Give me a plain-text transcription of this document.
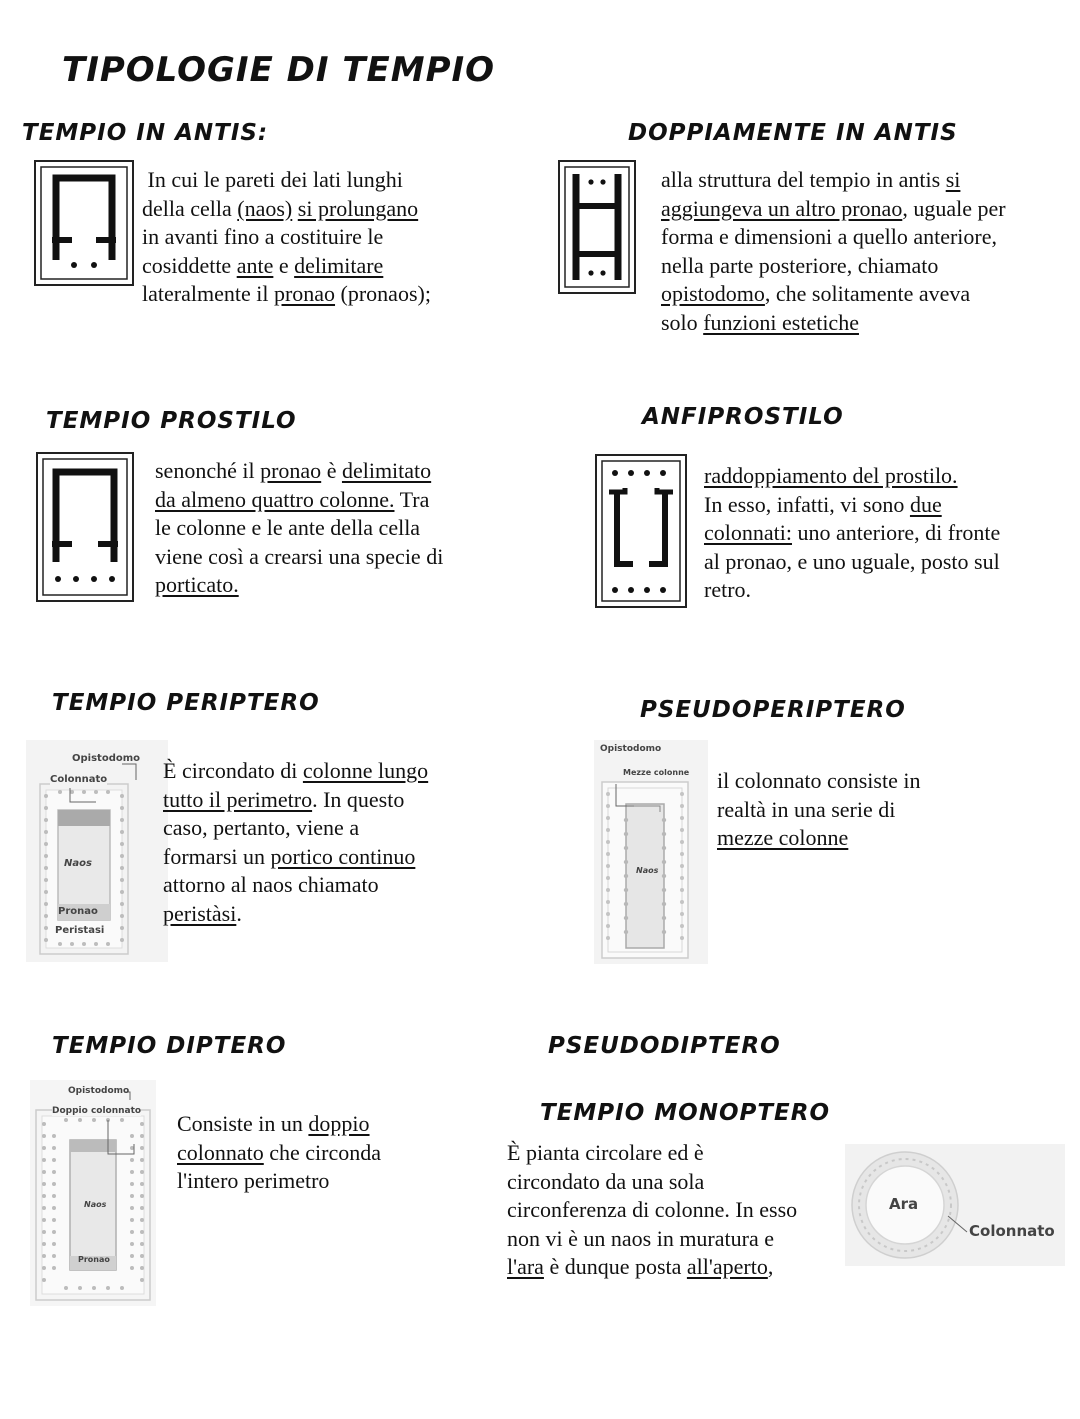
TIPOLOGIE DI TEMPIO
TEMPIO IN ANTIS:
In cui le pareti dei lati lunghi
della cella (naos) si prolungano
in avanti fino a costituire le
cosiddette ante e delimitare
lateralmente il pronao (pronaos);
DOPPIAMENTE IN ANTIS
alla struttura del tempio in antis si
aggiungeva un altro pronao, uguale per
forma e dimensioni a quello anteriore,
nella parte posteriore, chiamato
opistodomo, che solitamente aveva
solo funzioni estetiche
TEMPIO PROSTILO
senonché il pronao è delimitato
da almeno quattro colonne. Tra
le colonne e le ante della cella
viene così a crearsi una specie di
porticato.
ANFIPROSTILO
raddoppiamento del prostilo.
In esso, infatti, vi sono due
colonnati: uno anteriore, di fronte
al pronao, e uno uguale, posto sul
retro.
TEMPIO PERIPTERO
Opistodomo
Colonnato
Naos
Pronao
Peristasi
È circondato di colonne lungo
tutto il perimetro. In questo
caso, pertanto, viene a
formarsi un portico continuo
attorno al naos chiamato
peristàsi.
PSEUDOPERIPTERO
Opistodomo
Mezze colonne
Naos
il colonnato consiste in
realtà in una serie di
mezze colonne
TEMPIO DIPTERO
Opistodomo
Doppio colonnato
Naos
Pronao
Consiste in un doppio
colonnato che circonda
l'intero perimetro
PSEUDODIPTERO
TEMPIO MONOPTERO
È pianta circolare ed è
circondato da una sola
circonferenza di colonne. In esso
non vi è un naos in muratura e
l'ara è dunque posta all'aperto,
Ara
Colonnato
